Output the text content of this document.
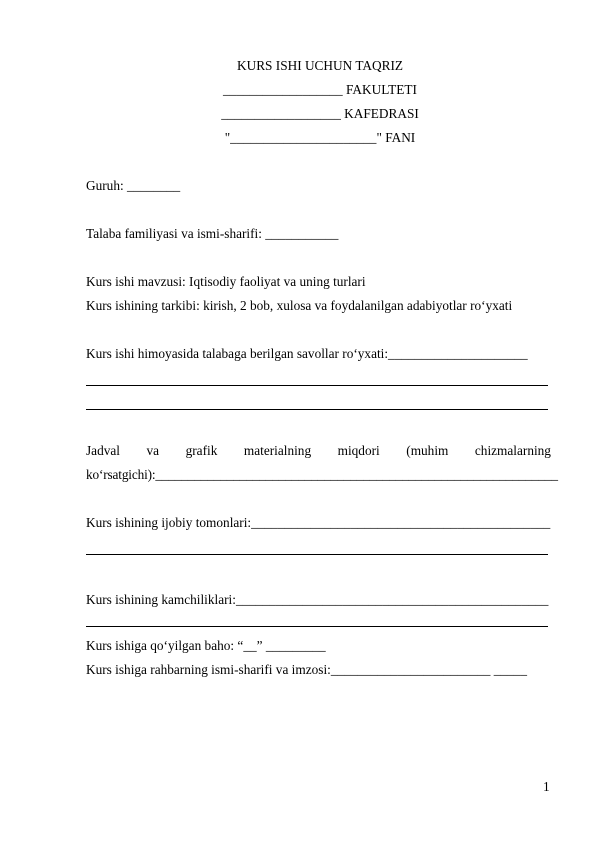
KURS ISHI UCHUN TAQRIZ
__________________ FAKULTETI
__________________ KAFEDRASI
"______________________" FANI
Guruh: ________
Talaba familiyasi va ismi-sharifi: ___________
Kurs ishi mavzusi: Iqtisodiy faoliyat va uning turlari
Kurs ishining tarkibi: kirish, 2 bob, xulosa va foydalanilgan adabiyotlar ro‘yxati
Kurs ishi himoyasida talabaga berilgan savollar ro‘yxati:_____________________
Jadval va grafik materialning miqdori (muhim chizmalarning
ko‘rsatgichi):______________________________________________________________
Kurs ishining ijobiy tomonlari:_____________________________________________
Kurs ishining kamchiliklari:_______________________________________________
Kurs ishiga qo‘yilgan baho: “__” _________
Kurs ishiga rahbarning ismi-sharifi va imzosi:________________________ _____
1
